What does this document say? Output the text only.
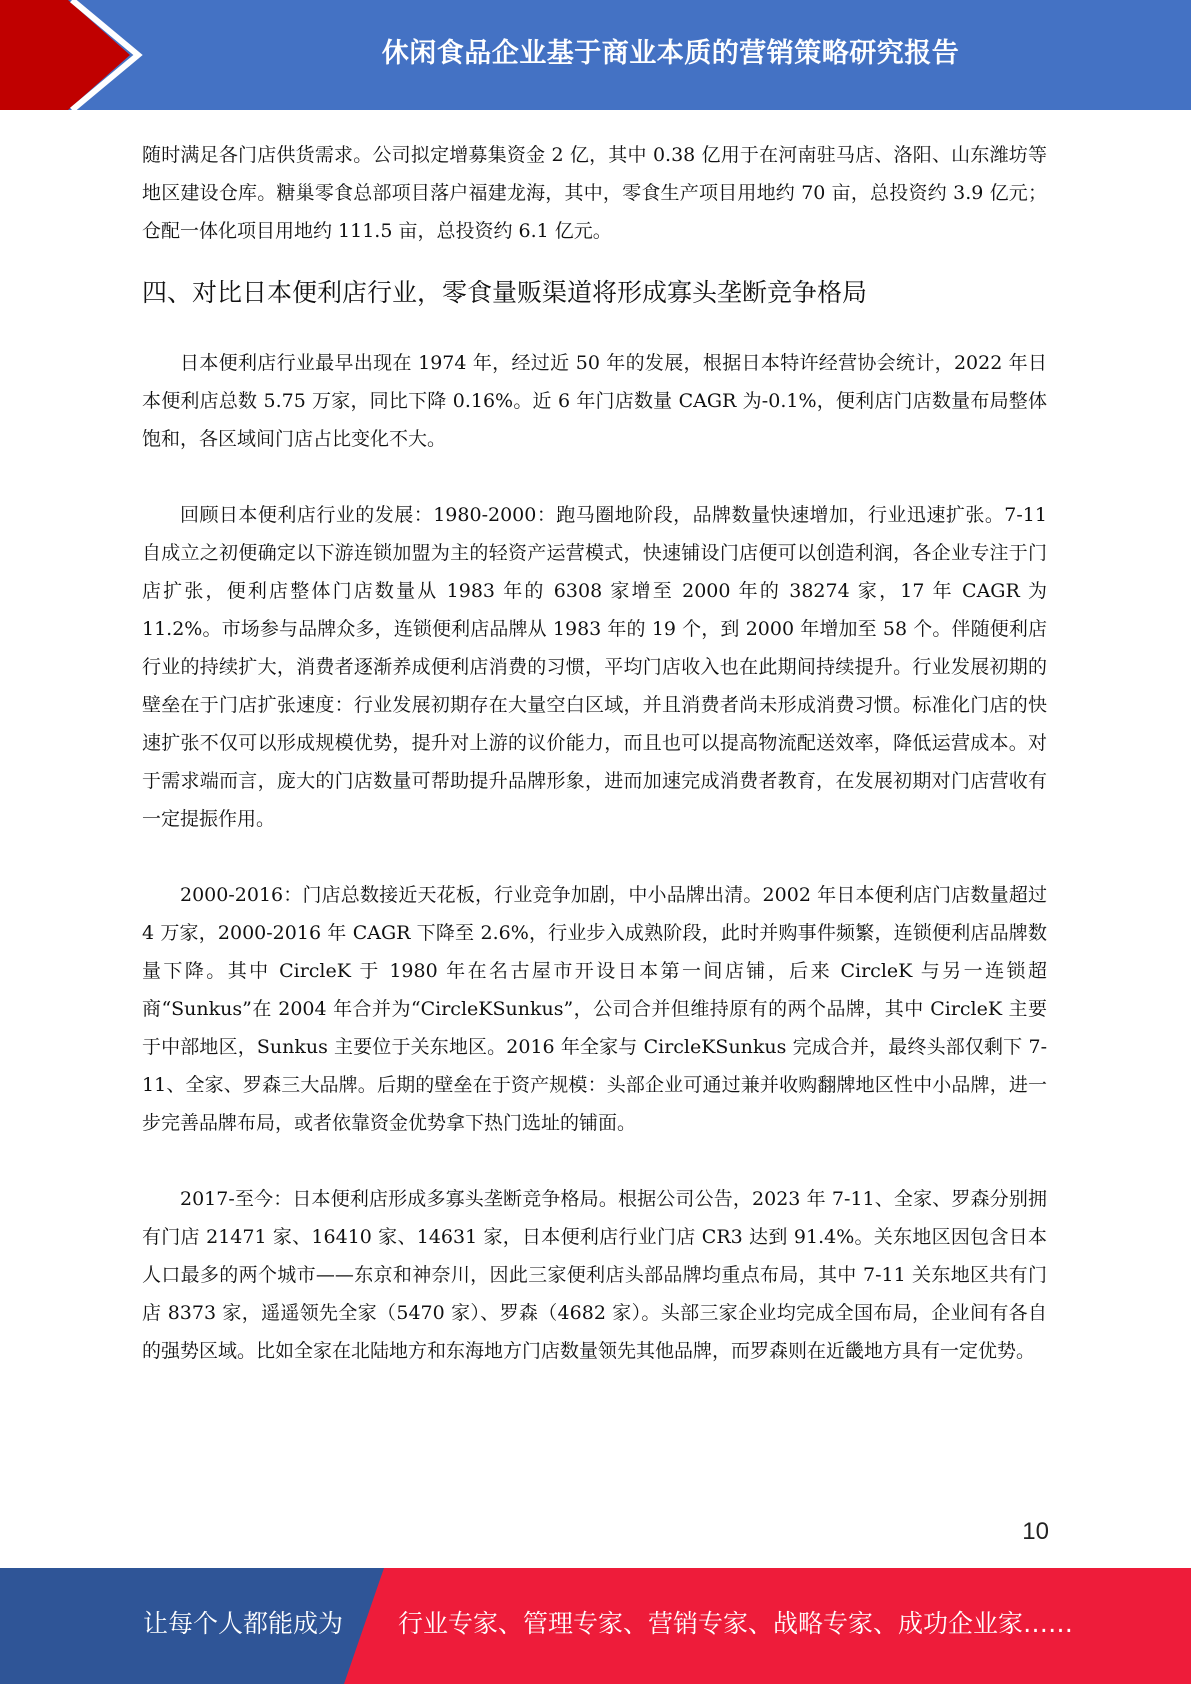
休闲食品企业基于商业本质的营销策略研究报告

随时满足各门店供货需求。公司拟定增募集资金 2 亿，其中 0.38 亿用于在河南驻马店、洛阳、山东潍坊等地区建设仓库。糖巢零食总部项目落户福建龙海，其中，零食生产项目用地约 70 亩，总投资约 3.9 亿元；仓配一体化项目用地约 111.5 亩，总投资约 6.1 亿元。

四、对比日本便利店行业，零食量贩渠道将形成寡头垄断竞争格局

日本便利店行业最早出现在 1974 年，经过近 50 年的发展，根据日本特许经营协会统计，2022 年日本便利店总数 5.75 万家，同比下降 0.16%。近 6 年门店数量 CAGR 为-0.1%，便利店门店数量布局整体饱和，各区域间门店占比变化不大。

回顾日本便利店行业的发展：1980-2000：跑马圈地阶段，品牌数量快速增加，行业迅速扩张。7-11 自成立之初便确定以下游连锁加盟为主的轻资产运营模式，快速铺设门店便可以创造利润，各企业专注于门店扩张，便利店整体门店数量从 1983 年的 6308 家增至 2000 年的 38274 家，17 年 CAGR 为 11.2%。市场参与品牌众多，连锁便利店品牌从 1983 年的 19 个，到 2000 年增加至 58 个。伴随便利店行业的持续扩大，消费者逐渐养成便利店消费的习惯，平均门店收入也在此期间持续提升。行业发展初期的壁垒在于门店扩张速度：行业发展初期存在大量空白区域，并且消费者尚未形成消费习惯。标准化门店的快速扩张不仅可以形成规模优势，提升对上游的议价能力，而且也可以提高物流配送效率，降低运营成本。对于需求端而言，庞大的门店数量可帮助提升品牌形象，进而加速完成消费者教育，在发展初期对门店营收有一定提振作用。

2000-2016：门店总数接近天花板，行业竞争加剧，中小品牌出清。2002 年日本便利店门店数量超过 4 万家，2000-2016 年 CAGR 下降至 2.6%，行业步入成熟阶段，此时并购事件频繁，连锁便利店品牌数量下降。其中 CircleK 于 1980 年在名古屋市开设日本第一间店铺，后来 CircleK 与另一连锁超商“Sunkus”在 2004 年合并为“CircleKSunkus”，公司合并但维持原有的两个品牌，其中 CircleK 主要于中部地区，Sunkus 主要位于关东地区。2016 年全家与 CircleKSunkus 完成合并，最终头部仅剩下 7-11、全家、罗森三大品牌。后期的壁垒在于资产规模：头部企业可通过兼并收购翻牌地区性中小品牌，进一步完善品牌布局，或者依靠资金优势拿下热门选址的铺面。

2017-至今：日本便利店形成多寡头垄断竞争格局。根据公司公告，2023 年 7-11、全家、罗森分别拥有门店 21471 家、16410 家、14631 家，日本便利店行业门店 CR3 达到 91.4%。关东地区因包含日本人口最多的两个城市——东京和神奈川，因此三家便利店头部品牌均重点布局，其中 7-11 关东地区共有门店 8373 家，遥遥领先全家（5470 家）、罗森（4682 家）。头部三家企业均完成全国布局，企业间有各自的强势区域。比如全家在北陆地方和东海地方门店数量领先其他品牌，而罗森则在近畿地方具有一定优势。

10
让每个人都能成为 行业专家、管理专家、营销专家、战略专家、成功企业家……
